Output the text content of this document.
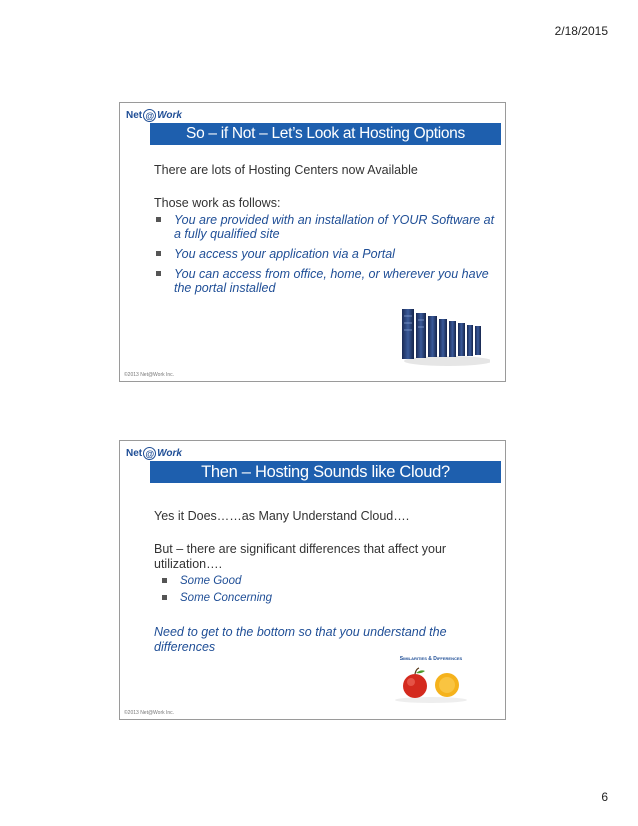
2/18/2015
Net @ Work
So – if Not – Let’s Look at Hosting Options

There are lots of Hosting Centers now Available

Those work as follows:

You are provided with an installation of YOUR Software at a fully qualified site
You access your application via a Portal
You can access from office, home, or wherever you have the portal installed
©2013 Net@Work Inc.
Net @ Work
Then – Hosting Sounds like Cloud?

Yes it Does……as Many Understand Cloud….

But – there are significant differences that affect your utilization….

Some Good
Some Concerning

Need to get to the bottom so that you understand the differences

Similarities & Differences
©2013 Net@Work Inc.
6
